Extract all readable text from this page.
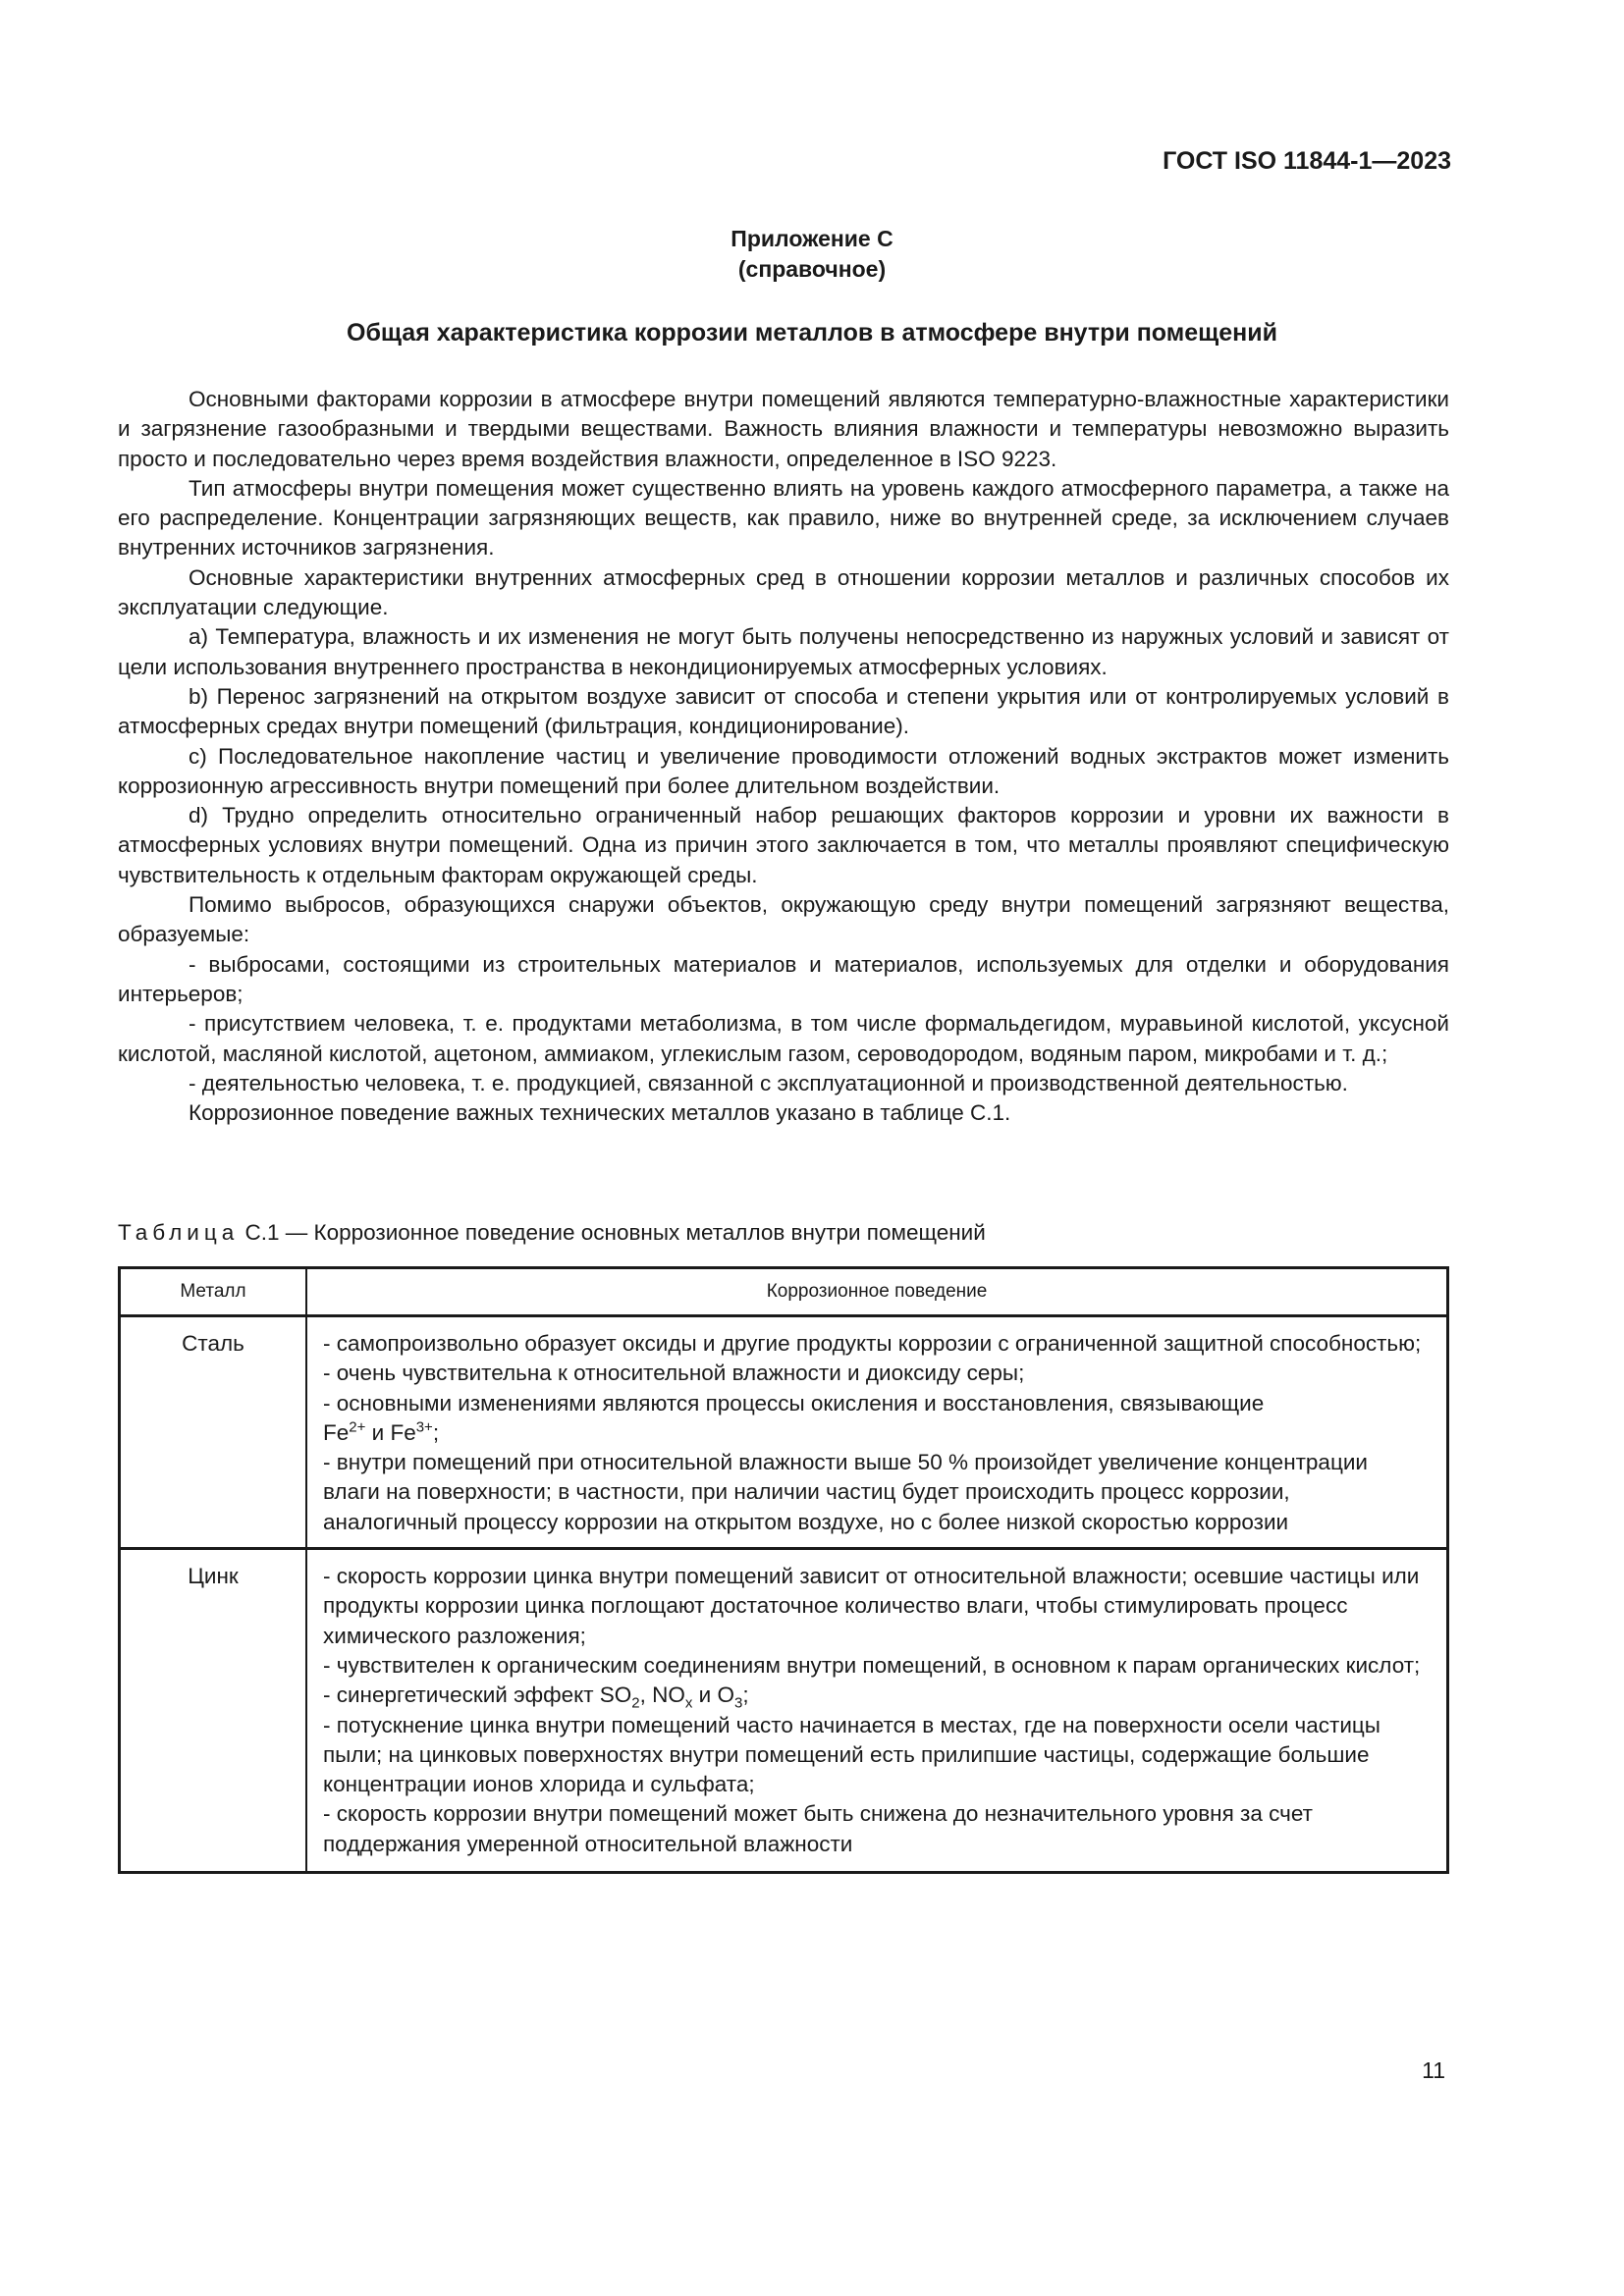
ГОСТ ISO 11844-1—2023
Приложение С
(справочное)
Общая характеристика коррозии металлов в атмосфере внутри помещений

Основными факторами коррозии в атмосфере внутри помещений являются температурно-влажностные характеристики и загрязнение газообразными и твердыми веществами. Важность влияния влажности и температуры невозможно выразить просто и последовательно через время воздействия влажности, определенное в ISO 9223.

Тип атмосферы внутри помещения может существенно влиять на уровень каждого атмосферного параметра, а также на его распределение. Концентрации загрязняющих веществ, как правило, ниже во внутренней среде, за исключением случаев внутренних источников загрязнения.

Основные характеристики внутренних атмосферных сред в отношении коррозии металлов и различных способов их эксплуатации следующие.

a) Температура, влажность и их изменения не могут быть получены непосредственно из наружных условий и зависят от цели использования внутреннего пространства в некондиционируемых атмосферных условиях.

b) Перенос загрязнений на открытом воздухе зависит от способа и степени укрытия или от контролируемых условий в атмосферных средах внутри помещений (фильтрация, кондиционирование).

c) Последовательное накопление частиц и увеличение проводимости отложений водных экстрактов может изменить коррозионную агрессивность внутри помещений при более длительном воздействии.

d) Трудно определить относительно ограниченный набор решающих факторов коррозии и уровни их важности в атмосферных условиях внутри помещений. Одна из причин этого заключается в том, что металлы проявляют специфическую чувствительность к отдельным факторам окружающей среды.

Помимо выбросов, образующихся снаружи объектов, окружающую среду внутри помещений загрязняют вещества, образуемые:

- выбросами, состоящими из строительных материалов и материалов, используемых для отделки и оборудования интерьеров;

- присутствием человека, т. е. продуктами метаболизма, в том числе формальдегидом, муравьиной кислотой, уксусной кислотой, масляной кислотой, ацетоном, аммиаком, углекислым газом, сероводородом, водяным паром, микробами и т. д.;

- деятельностью человека, т. е. продукцией, связанной с эксплуатационной и производственной деятельностью.

Коррозионное поведение важных технических металлов указано в таблице С.1.

Таблица С.1 — Коррозионное поведение основных металлов внутри помещений
Металл	Коррозионное поведение
Сталь	- самопроизвольно образует оксиды и другие продукты коррозии с ограниченной защитной способностью;
- очень чувствительна к относительной влажности и диоксиду серы;
- основными изменениями являются процессы окисления и восстановления, связывающие
$Fe^{2+}$ и $Fe^{3+}$;
- внутри помещений при относительной влажности выше 50 % произойдет увеличение концентрации влаги на поверхности; в частности, при наличии частиц будет происходить процесс коррозии, аналогичный процессу коррозии на открытом воздухе, но с более низкой скоростью коррозии

Цинк	- скорость коррозии цинка внутри помещений зависит от относительной влажности; осевшие частицы или продукты коррозии цинка поглощают достаточное количество влаги, чтобы стимулировать процесс химического разложения;
- чувствителен к органическим соединениям внутри помещений, в основном к парам органических кислот;
- синергетический эффект $SO_2$, $NO_x$ и $O_3$;
- потускнение цинка внутри помещений часто начинается в местах, где на поверхности осели частицы пыли; на цинковых поверхностях внутри помещений есть прилипшие частицы, содержащие большие концентрации ионов хлорида и сульфата;
- скорость коррозии внутри помещений может быть снижена до незначительного уровня за счет поддержания умеренной относительной влажности
11
